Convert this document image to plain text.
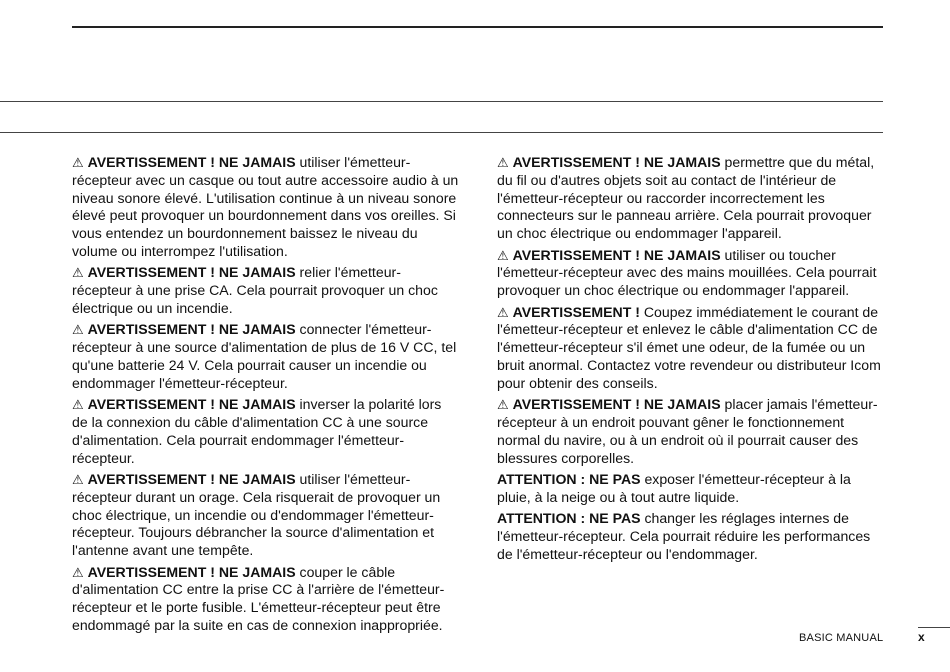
⚠ AVERTISSEMENT ! NE JAMAIS utiliser l'émetteur-récepteur avec un casque ou tout autre accessoire audio à un niveau sonore élevé. L'utilisation continue à un niveau sonore élevé peut provoquer un bourdonnement dans vos oreilles. Si vous entendez un bourdonnement baissez le niveau du volume ou interrompez l'utilisation.

⚠ AVERTISSEMENT ! NE JAMAIS relier l'émetteur-récepteur à une prise CA. Cela pourrait provoquer un choc électrique ou un incendie.

⚠ AVERTISSEMENT ! NE JAMAIS connecter l'émetteur-récepteur à une source d'alimentation de plus de 16 V CC, tel qu'une batterie 24 V. Cela pourrait causer un incendie ou endommager l'émetteur-récepteur.

⚠ AVERTISSEMENT ! NE JAMAIS inverser la polarité lors de la connexion du câble d'alimentation CC à une source d'alimentation. Cela pourrait endommager l'émetteur-récepteur.

⚠ AVERTISSEMENT ! NE JAMAIS utiliser l'émetteur-récepteur durant un orage. Cela risquerait de provoquer un choc électrique, un incendie ou d'endommager l'émetteur-récepteur. Toujours débrancher la source d'alimentation et l'antenne avant une tempête.

⚠ AVERTISSEMENT ! NE JAMAIS couper le câble d'alimentation CC entre la prise CC à l'arrière de l'émetteur-récepteur et le porte fusible. L'émetteur-récepteur peut être endommagé par la suite en cas de connexion inappropriée.

⚠ AVERTISSEMENT ! NE JAMAIS permettre que du métal, du fil ou d'autres objets soit au contact de l'intérieur de l'émetteur-récepteur ou raccorder incorrectement les connecteurs sur le panneau arrière. Cela pourrait provoquer un choc électrique ou endommager l'appareil.

⚠ AVERTISSEMENT ! NE JAMAIS utiliser ou toucher l'émetteur-récepteur avec des mains mouillées. Cela pourrait provoquer un choc électrique ou endommager l'appareil.

⚠ AVERTISSEMENT ! Coupez immédiatement le courant de l'émetteur-récepteur et enlevez le câble d'alimentation CC de l'émetteur-récepteur s'il émet une odeur, de la fumée ou un bruit anormal. Contactez votre revendeur ou distributeur Icom pour obtenir des conseils.

⚠ AVERTISSEMENT ! NE JAMAIS placer jamais l'émetteur-récepteur à un endroit pouvant gêner le fonctionnement normal du navire, ou à un endroit où il pourrait causer des blessures corporelles.

ATTENTION : NE PAS exposer l'émetteur-récepteur à la pluie, à la neige ou à tout autre liquide.

ATTENTION : NE PAS changer les réglages internes de l'émetteur-récepteur. Cela pourrait réduire les performances de l'émetteur-récepteur ou l'endommager.

BASIC MANUAL	x
